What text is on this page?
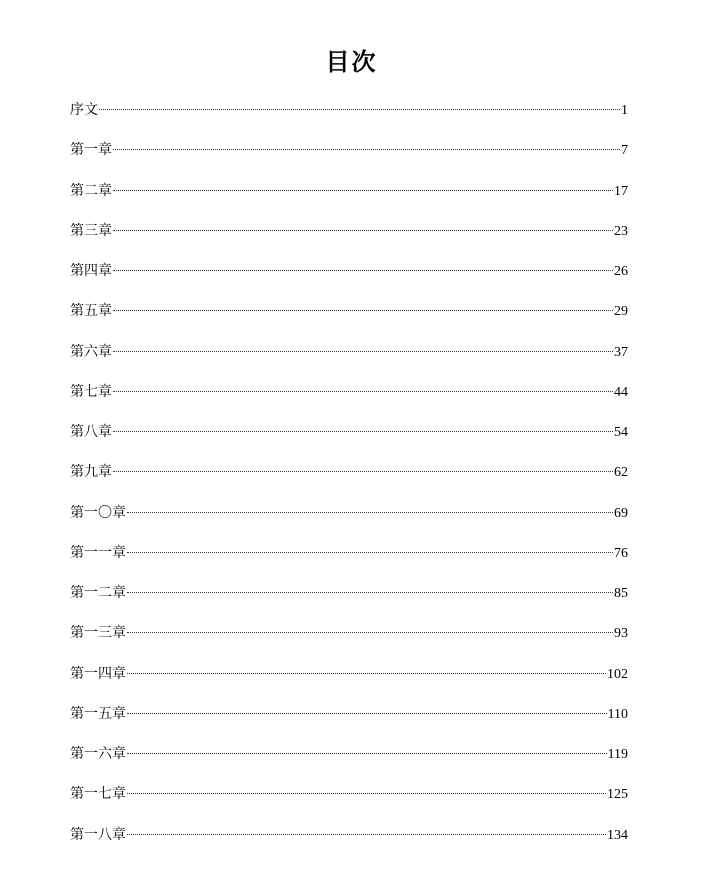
目次
序文	1
第一章	7
第二章	17
第三章	23
第四章	26
第五章	29
第六章	37
第七章	44
第八章	54
第九章	62
第一〇章	69
第一一章	76
第一二章	85
第一三章	93
第一四章	102
第一五章	110
第一六章	119
第一七章	125
第一八章	134
